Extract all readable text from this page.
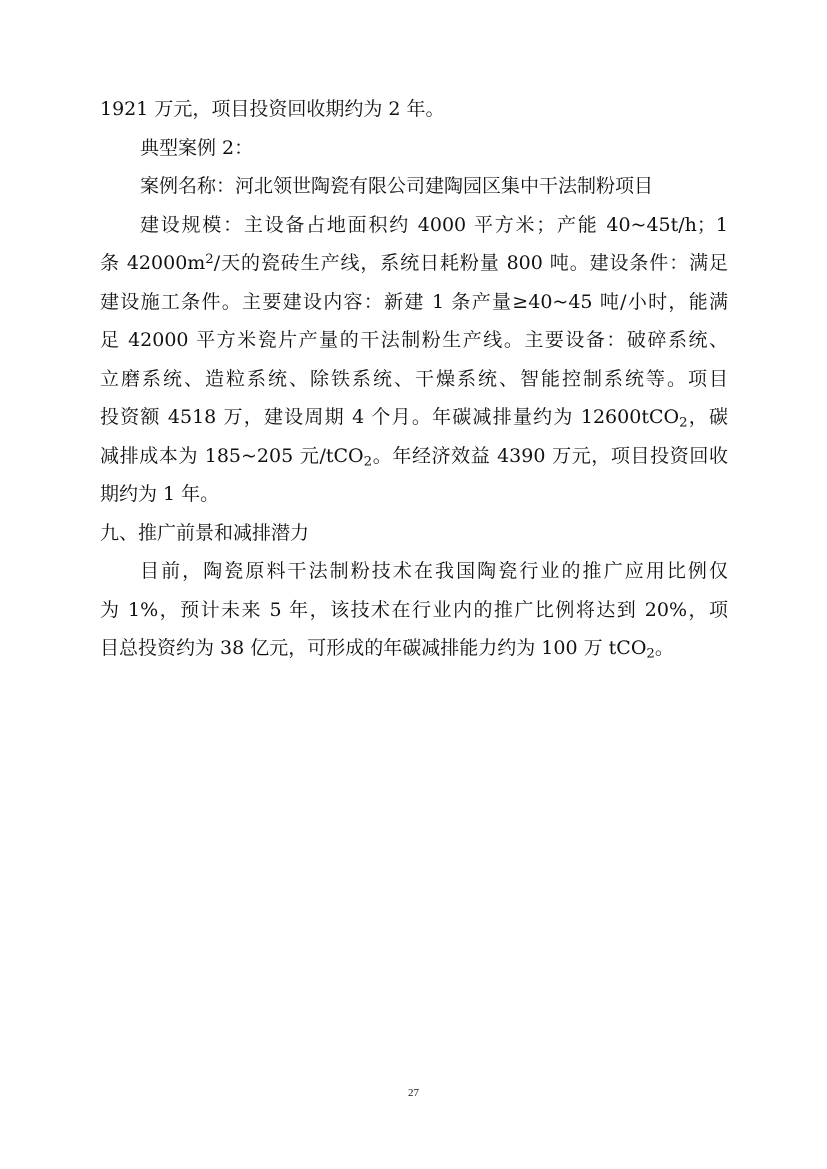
1921 万元，项目投资回收期约为 2 年。
典型案例 2：
案例名称：河北领世陶瓷有限公司建陶园区集中干法制粉项目
建设规模：主设备占地面积约 4000 平方米；产能 40~45t/h；1
条 $42000m^2/$天的瓷砖生产线，系统日耗粉量 800 吨。建设条件：满足
建设施工条件。主要建设内容：新建 1 条产量≥40~45 吨/小时，能满
足 42000 平方米瓷片产量的干法制粉生产线。主要设备：破碎系统、
立磨系统、造粒系统、除铁系统、干燥系统、智能控制系统等。项目
投资额 4518 万，建设周期 4 个月。年碳减排量约为 12600tCO$_2$，碳
减排成本为 185~205 元/tCO$_2$。年经济效益 4390 万元，项目投资回收
期约为 1 年。
九、推广前景和减排潜力
目前，陶瓷原料干法制粉技术在我国陶瓷行业的推广应用比例仅
为 1%，预计未来 5 年，该技术在行业内的推广比例将达到 20%，项
目总投资约为 38 亿元，可形成的年碳减排能力约为 100 万 tCO$_2$。
27
